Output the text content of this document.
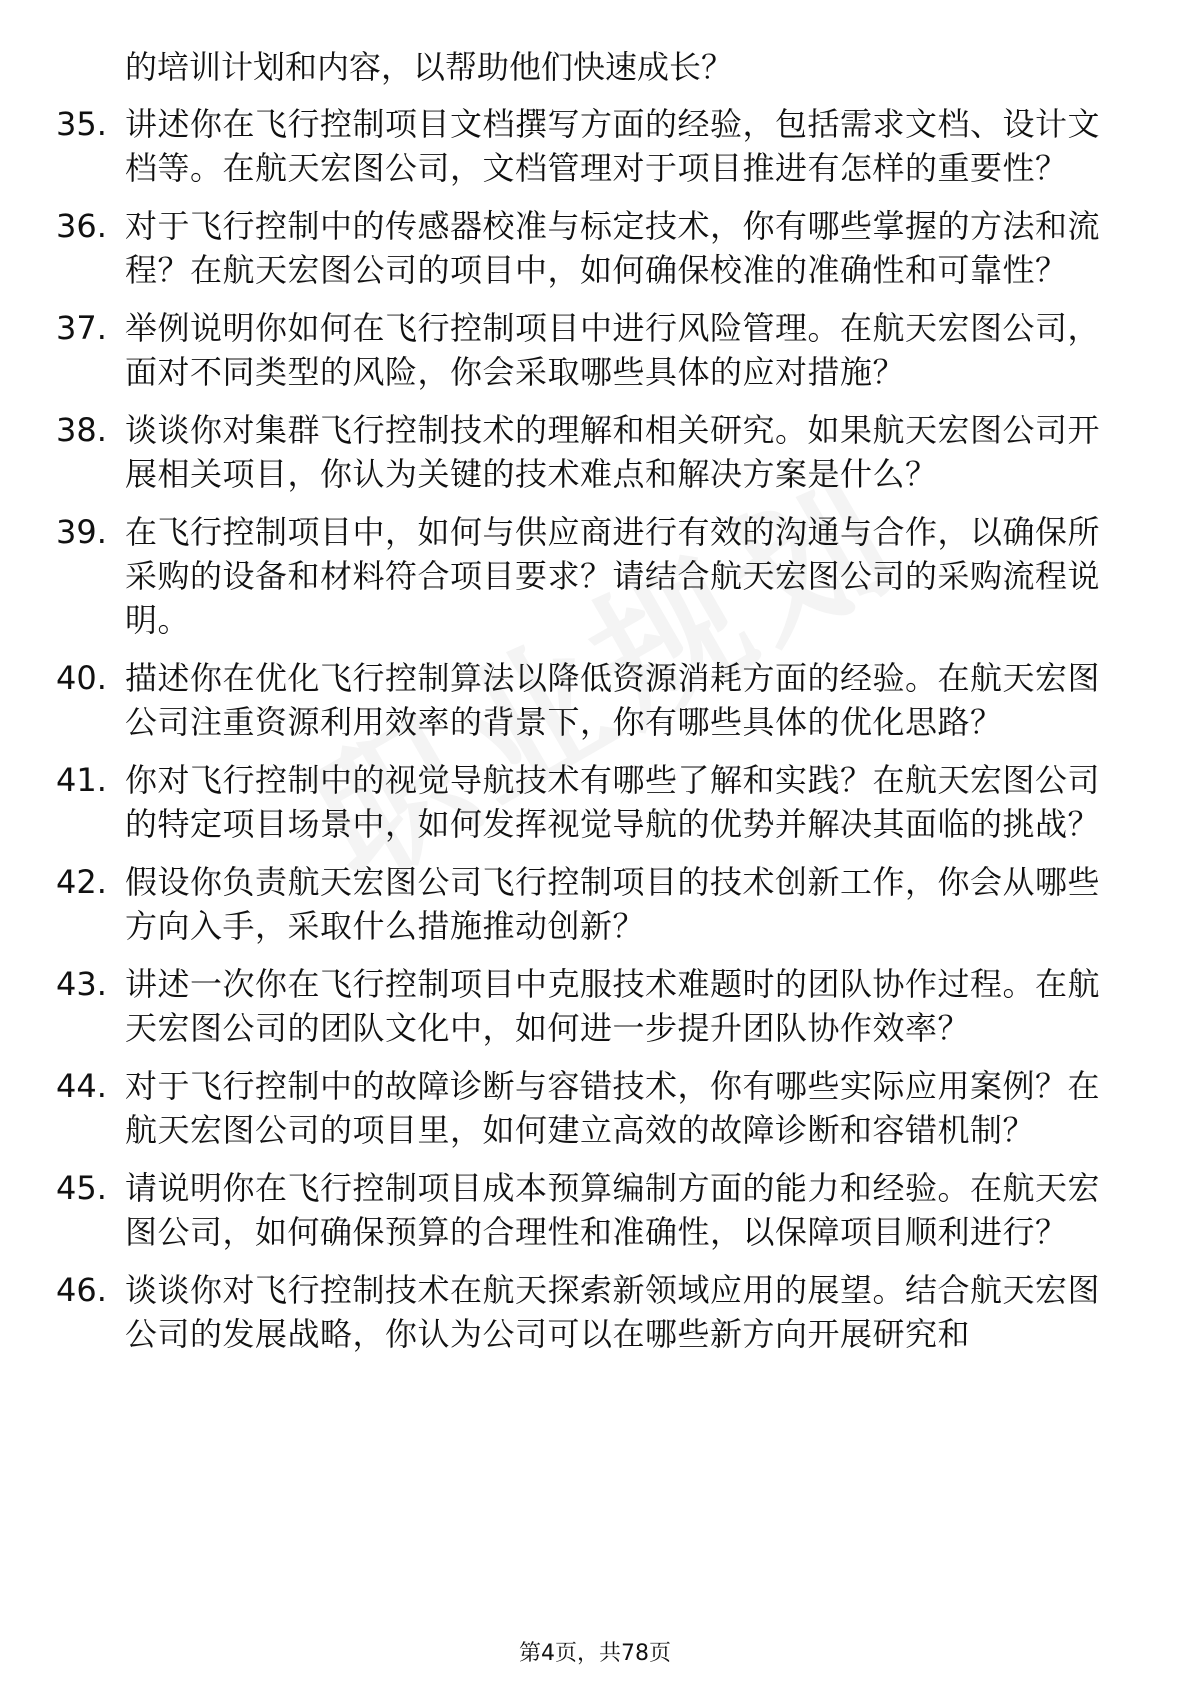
的培训计划和内容，以帮助他们快速成长？
35. 讲述你在飞行控制项目文档撰写方面的经验，包括需求文档、设计文档等。在航天宏图公司，文档管理对于项目推进有怎样的重要性？
36. 对于飞行控制中的传感器校准与标定技术，你有哪些掌握的方法和流程？在航天宏图公司的项目中，如何确保校准的准确性和可靠性？
37. 举例说明你如何在飞行控制项目中进行风险管理。在航天宏图公司，面对不同类型的风险，你会采取哪些具体的应对措施？
38. 谈谈你对集群飞行控制技术的理解和相关研究。如果航天宏图公司开展相关项目，你认为关键的技术难点和解决方案是什么？
39. 在飞行控制项目中，如何与供应商进行有效的沟通与合作，以确保所采购的设备和材料符合项目要求？请结合航天宏图公司的采购流程说明。
40. 描述你在优化飞行控制算法以降低资源消耗方面的经验。在航天宏图公司注重资源利用效率的背景下，你有哪些具体的优化思路？
41. 你对飞行控制中的视觉导航技术有哪些了解和实践？在航天宏图公司的特定项目场景中，如何发挥视觉导航的优势并解决其面临的挑战？
42. 假设你负责航天宏图公司飞行控制项目的技术创新工作，你会从哪些方向入手，采取什么措施推动创新？
43. 讲述一次你在飞行控制项目中克服技术难题时的团队协作过程。在航天宏图公司的团队文化中，如何进一步提升团队协作效率？
44. 对于飞行控制中的故障诊断与容错技术，你有哪些实际应用案例？在航天宏图公司的项目里，如何建立高效的故障诊断和容错机制？
45. 请说明你在飞行控制项目成本预算编制方面的能力和经验。在航天宏图公司，如何确保预算的合理性和准确性，以保障项目顺利进行？
46. 谈谈你对飞行控制技术在航天探索新领域应用的展望。结合航天宏图公司的发展战略，你认为公司可以在哪些新方向开展研究和
第4页，共78页
